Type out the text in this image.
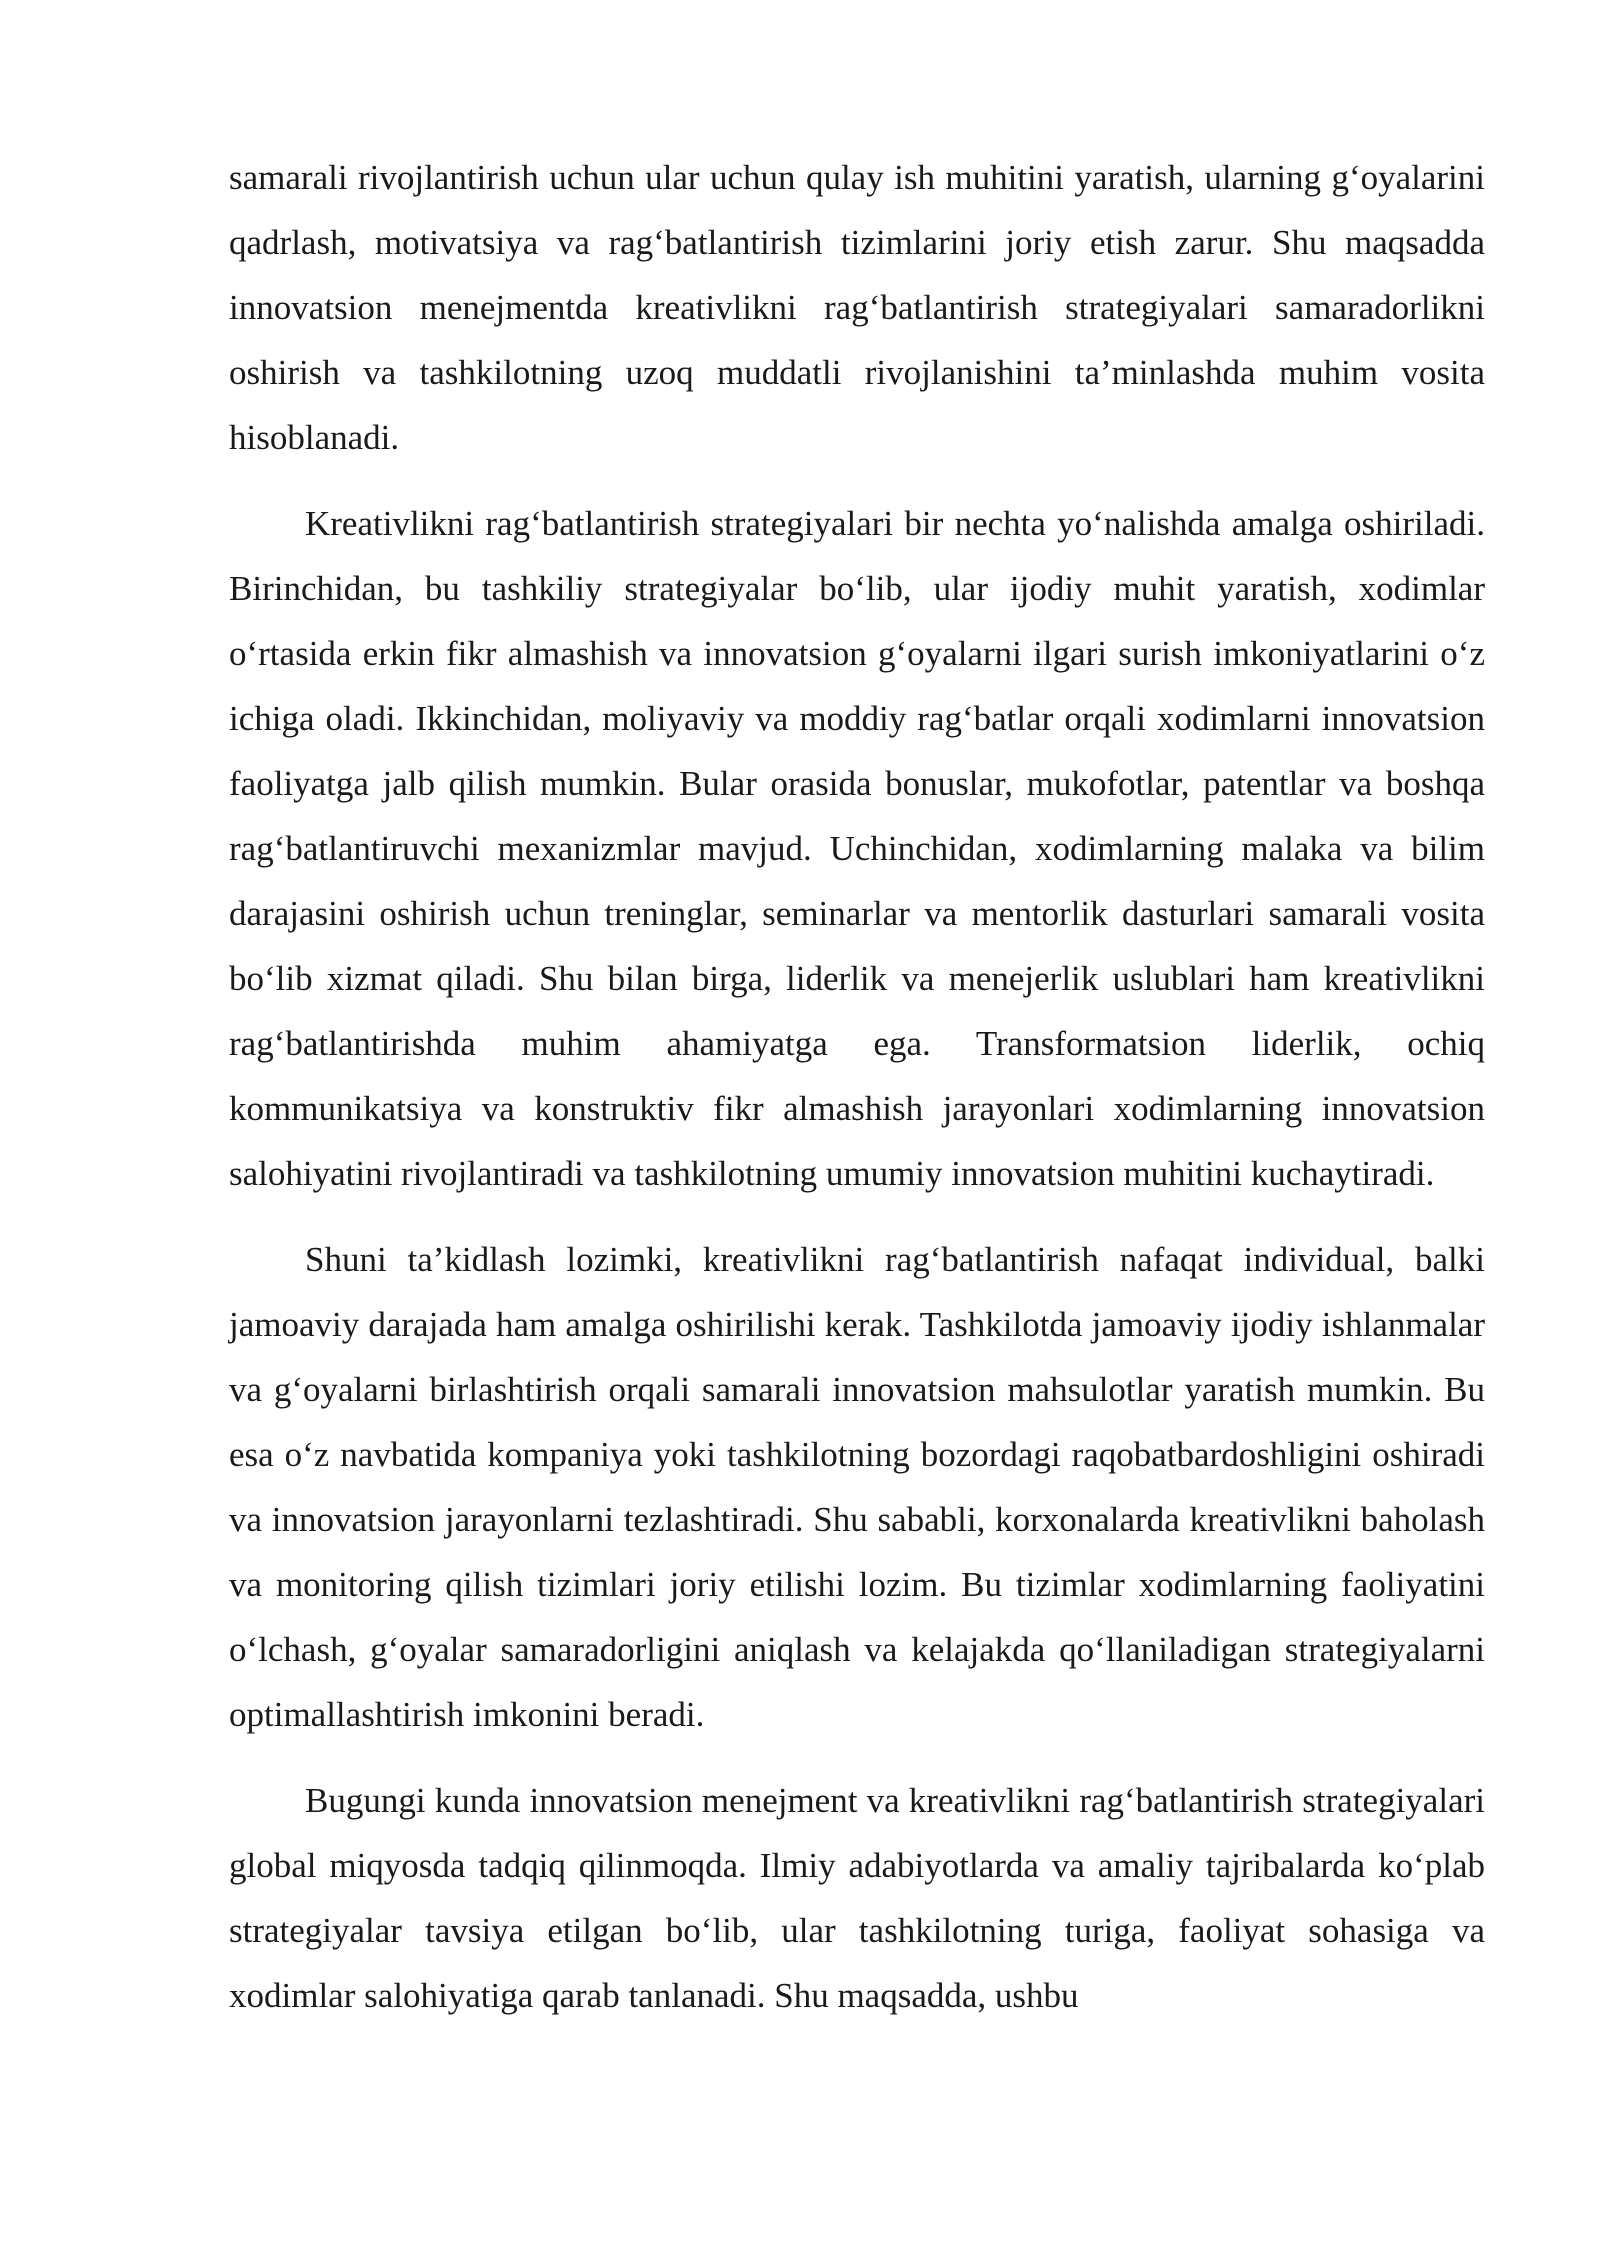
samarali rivojlantirish uchun ular uchun qulay ish muhitini yaratish, ularning g‘oyalarini qadrlash, motivatsiya va rag‘batlantirish tizimlarini joriy etish zarur. Shu maqsadda innovatsion menejmentda kreativlikni rag‘batlantirish strategiyalari samaradorlikni oshirish va tashkilotning uzoq muddatli rivojlanishini ta’minlashda muhim vosita hisoblanadi.

Kreativlikni rag‘batlantirish strategiyalari bir nechta yo‘nalishda amalga oshiriladi. Birinchidan, bu tashkiliy strategiyalar bo‘lib, ular ijodiy muhit yaratish, xodimlar o‘rtasida erkin fikr almashish va innovatsion g‘oyalarni ilgari surish imkoniyatlarini o‘z ichiga oladi. Ikkinchidan, moliyaviy va moddiy rag‘batlar orqali xodimlarni innovatsion faoliyatga jalb qilish mumkin. Bular orasida bonuslar, mukofotlar, patentlar va boshqa rag‘batlantiruvchi mexanizmlar mavjud. Uchinchidan, xodimlarning malaka va bilim darajasini oshirish uchun treninglar, seminarlar va mentorlik dasturlari samarali vosita bo‘lib xizmat qiladi. Shu bilan birga, liderlik va menejerlik uslublari ham kreativlikni rag‘batlantirishda muhim ahamiyatga ega. Transformatsion liderlik, ochiq kommunikatsiya va konstruktiv fikr almashish jarayonlari xodimlarning innovatsion salohiyatini rivojlantiradi va tashkilotning umumiy innovatsion muhitini kuchaytiradi.

Shuni ta’kidlash lozimki, kreativlikni rag‘batlantirish nafaqat individual, balki jamoaviy darajada ham amalga oshirilishi kerak. Tashkilotda jamoaviy ijodiy ishlanmalar va g‘oyalarni birlashtirish orqali samarali innovatsion mahsulotlar yaratish mumkin. Bu esa o‘z navbatida kompaniya yoki tashkilotning bozordagi raqobatbardoshligini oshiradi va innovatsion jarayonlarni tezlashtiradi. Shu sababli, korxonalarda kreativlikni baholash va monitoring qilish tizimlari joriy etilishi lozim. Bu tizimlar xodimlarning faoliyatini o‘lchash, g‘oyalar samaradorligini aniqlash va kelajakda qo‘llaniladigan strategiyalarni optimallashtirish imkonini beradi.

Bugungi kunda innovatsion menejment va kreativlikni rag‘batlantirish strategiyalari global miqyosda tadqiq qilinmoqda. Ilmiy adabiyotlarda va amaliy tajribalarda ko‘plab strategiyalar tavsiya etilgan bo‘lib, ular tashkilotning turiga, faoliyat sohasiga va xodimlar salohiyatiga qarab tanlanadi. Shu maqsadda, ushbu
